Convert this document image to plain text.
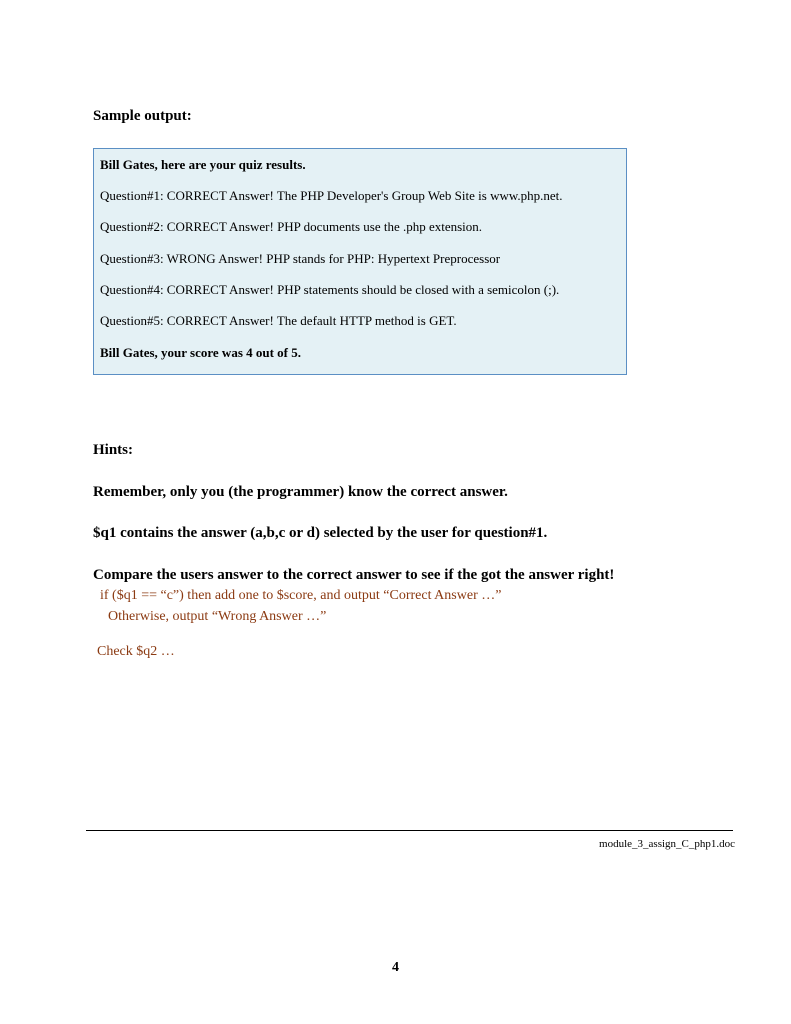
Sample output:
Bill Gates, here are your quiz results.
Question#1: CORRECT Answer! The PHP Developer's Group Web Site is www.php.net.
Question#2: CORRECT Answer! PHP documents use the .php extension.
Question#3: WRONG Answer! PHP stands for PHP: Hypertext Preprocessor
Question#4: CORRECT Answer! PHP statements should be closed with a semicolon (;).
Question#5: CORRECT Answer! The default HTTP method is GET.
Bill Gates, your score was 4 out of 5.
Hints:
Remember, only you (the programmer) know the correct answer.
$q1 contains the answer (a,b,c or d) selected by the user for question#1.
Compare the users answer to the correct answer to see if the got the answer right!
if ($q1 == “c”) then add one to $score, and output “Correct Answer …”
Otherwise, output “Wrong Answer …”
Check $q2 …
module_3_assign_C_php1.doc
4
